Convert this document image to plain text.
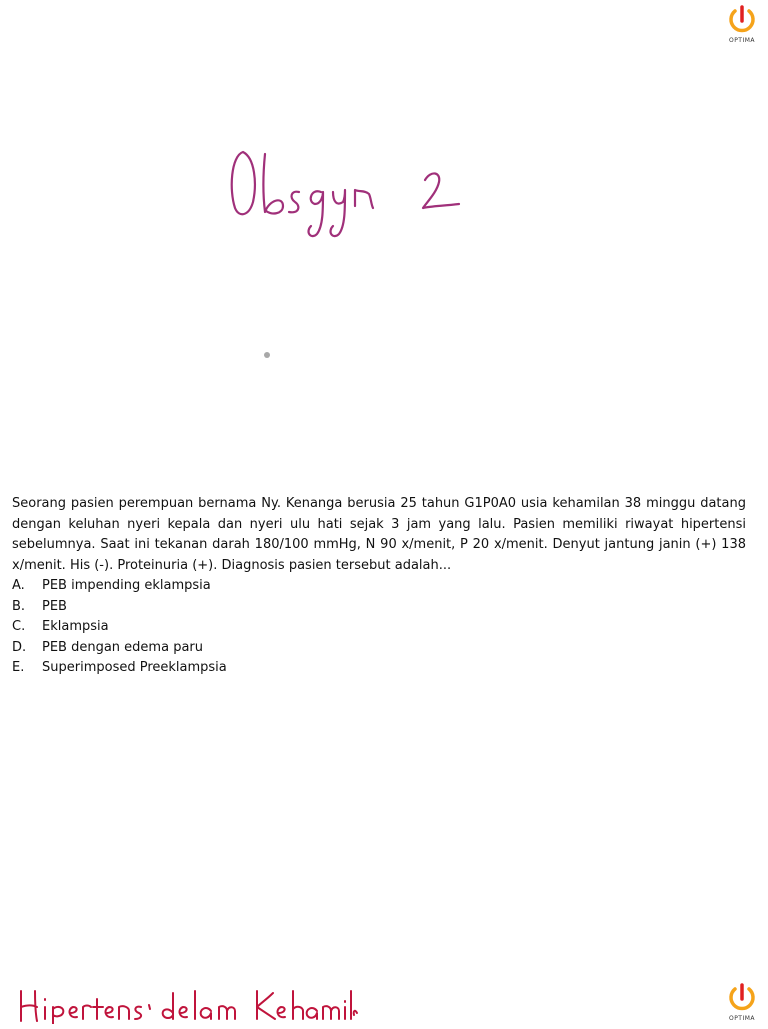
OPTIMA

Seorang pasien perempuan bernama Ny. Kenanga berusia 25 tahun G1P0A0 usia kehamilan 38 minggu datang dengan keluhan nyeri kepala dan nyeri ulu hati sejak 3 jam yang lalu. Pasien memiliki riwayat hipertensi sebelumnya. Saat ini tekanan darah 180/100 mmHg, N 90 x/menit, P 20 x/menit. Denyut jantung janin (+) 138 x/menit. His (-). Proteinuria (+). Diagnosis pasien tersebut adalah...

A.	PEB impending eklampsia
B.	PEB
C.	Eklampsia
D.	PEB dengan edema paru
E.	Superimposed Preeklampsia
OPTIMA
